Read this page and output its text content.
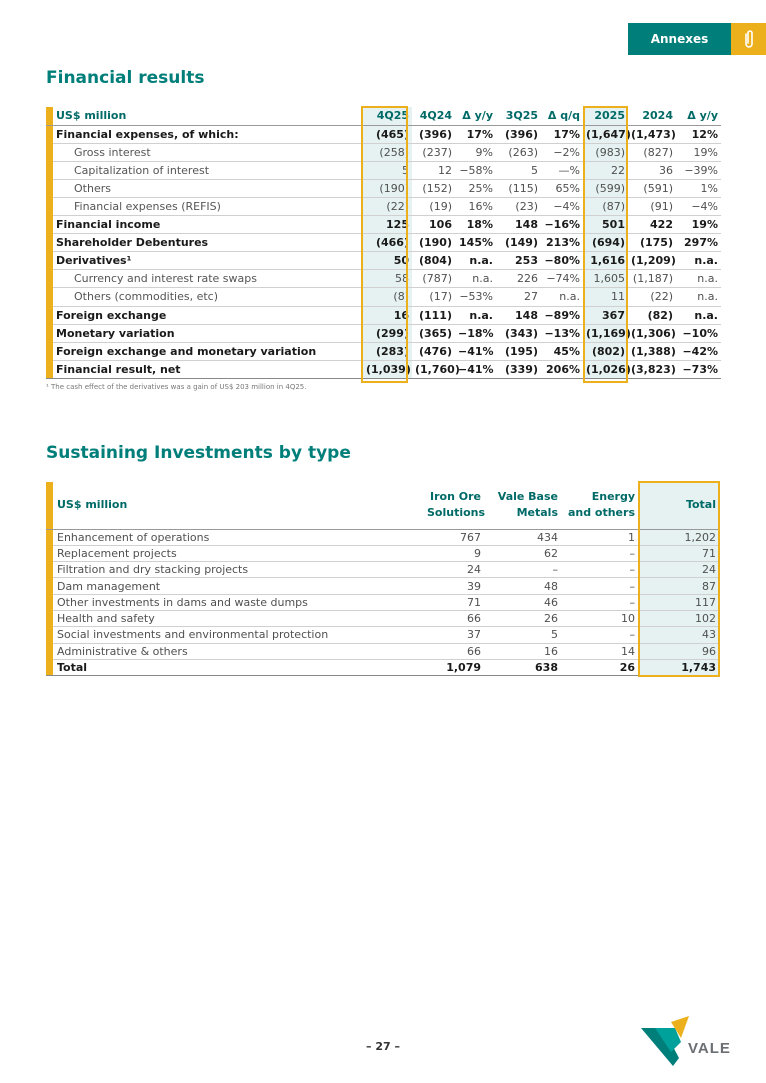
Annexes
Financial results
	US$ million	4Q25	4Q24	Δ y/y	3Q25	Δ q/q	2025	2024	Δ y/y
	Financial expenses, of which:	(465)	(396)	17%	(396)	17%	(1,647)	(1,473)	12%
	Gross interest	(258)	(237)	9%	(263)	−2%	(983)	(827)	19%
	Capitalization of interest	5	12	−58%	5	—%	22	36	−39%
	Others	(190)	(152)	25%	(115)	65%	(599)	(591)	1%
	Financial expenses (REFIS)	(22)	(19)	16%	(23)	−4%	(87)	(91)	−4%
	Financial income	125	106	18%	148	−16%	501	422	19%
	Shareholder Debentures	(466)	(190)	145%	(149)	213%	(694)	(175)	297%
	Derivatives¹	50	(804)	n.a.	253	−80%	1,616	(1,209)	n.a.
	Currency and interest rate swaps	58	(787)	n.a.	226	−74%	1,605	(1,187)	n.a.
	Others (commodities, etc)	(8)	(17)	−53%	27	n.a.	11	(22)	n.a.
	Foreign exchange	16	(111)	n.a.	148	−89%	367	(82)	n.a.
	Monetary variation	(299)	(365)	−18%	(343)	−13%	(1,169)	(1,306)	−10%
	Foreign exchange and monetary variation	(283)	(476)	−41%	(195)	45%	(802)	(1,388)	−42%
	Financial result, net	(1,039)	(1,760)	−41%	(339)	206%	(1,026)	(3,823)	−73%
¹ The cash effect of the derivatives was a gain of US$ 203 million in 4Q25.
Sustaining Investments by type
	US$ million	Iron Ore Solutions	Vale Base Metals	Energy and others	Total
	Enhancement of operations	767	434	1	1,202
	Replacement projects	9	62	–	71
	Filtration and dry stacking projects	24	–	–	24
	Dam management	39	48	–	87
	Other investments in dams and waste dumps	71	46	–	117
	Health and safety	66	26	10	102
	Social investments and environmental protection	37	5	–	43
	Administrative & others	66	16	14	96
	Total	1,079	638	26	1,743
– 27 –	VALE
